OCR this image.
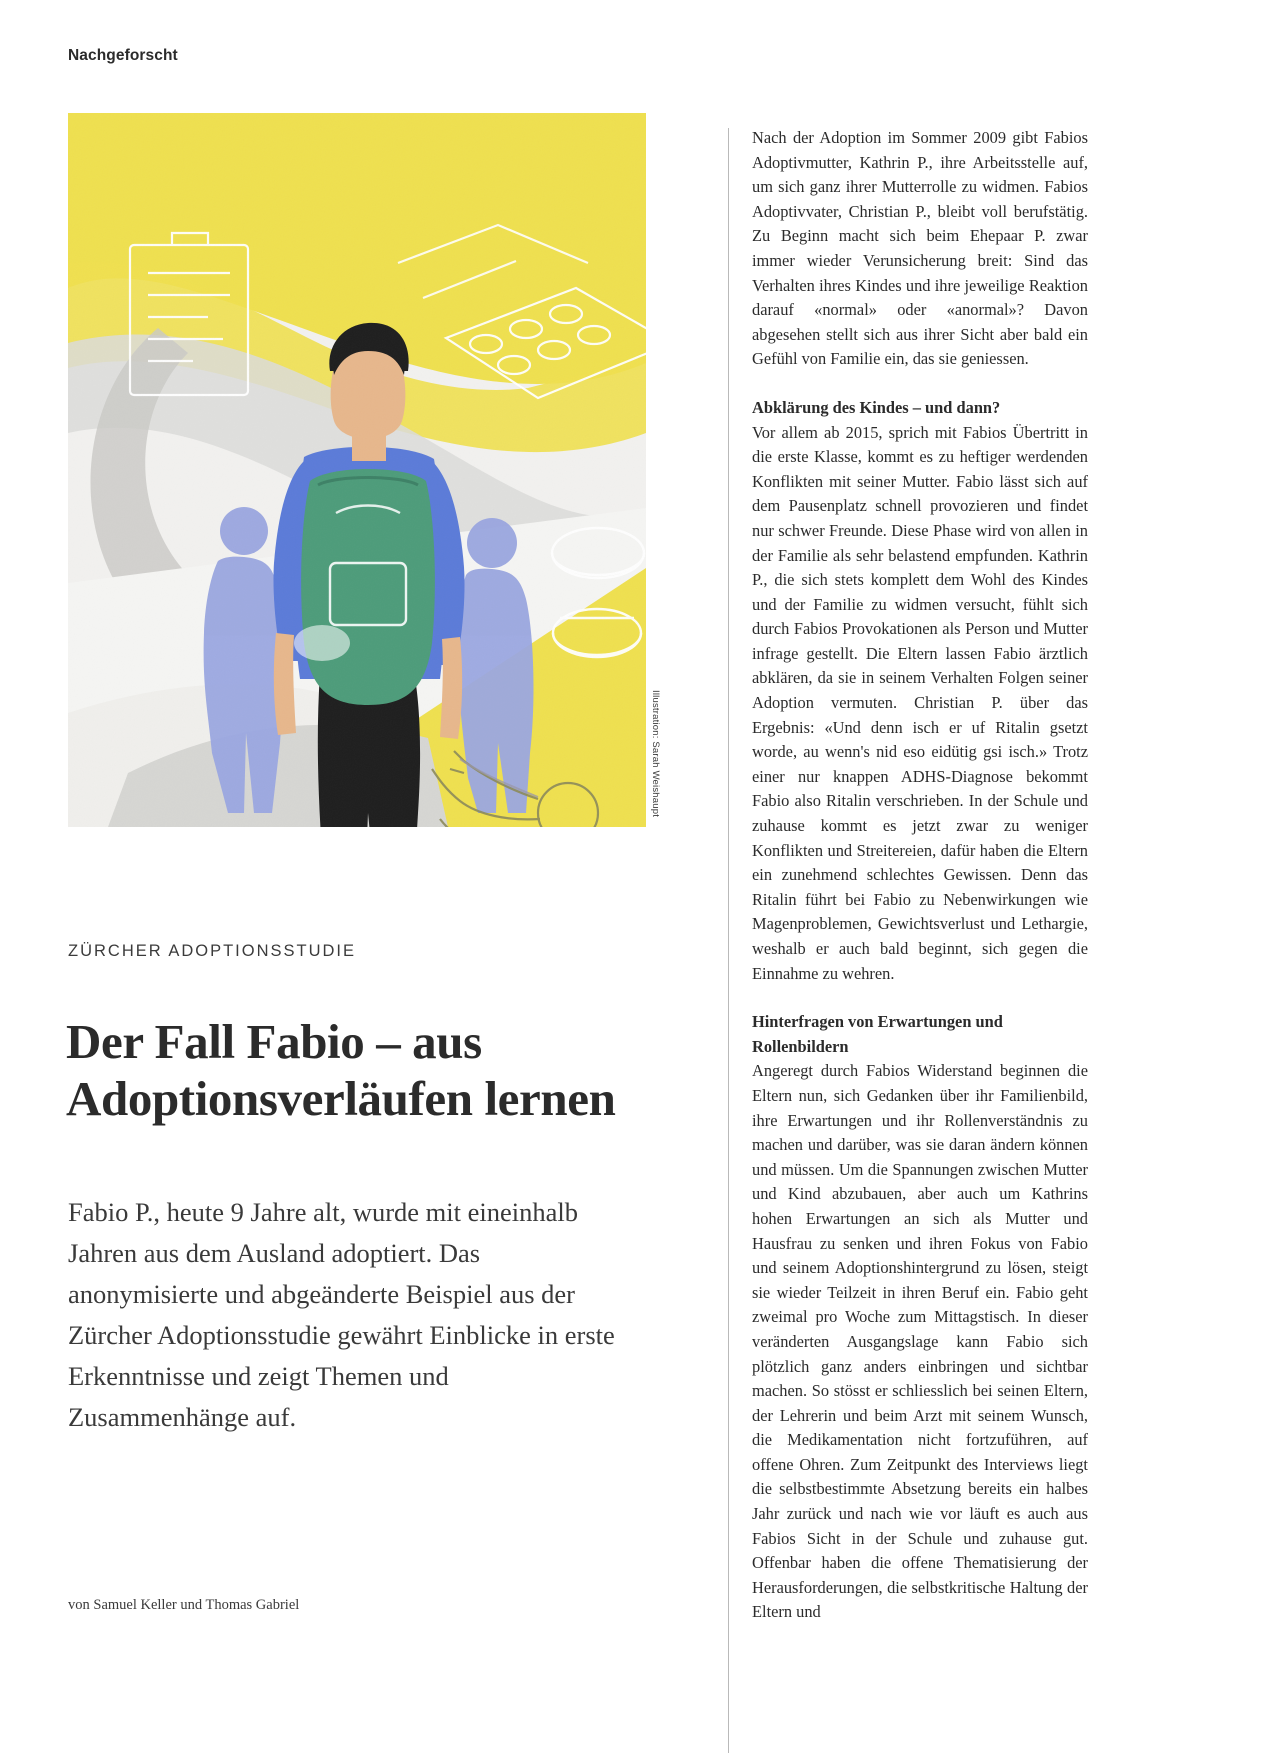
Nachgeforscht
Illustration: Sarah Weishaupt
ZÜRCHER ADOPTIONSSTUDIE
Der Fall Fabio – aus Adoptionsverläufen lernen
Fabio P., heute 9 Jahre alt, wurde mit eineinhalb Jahren aus dem Ausland adoptiert. Das anonymisierte und abgeänderte Beispiel aus der Zürcher Adoptionsstudie gewährt Einblicke in erste Erkenntnisse und zeigt Themen und Zusammenhänge auf.
von Samuel Keller und Thomas Gabriel

Nach der Adoption im Sommer 2009 gibt Fabios Adoptivmutter, Kathrin P., ihre Arbeitsstelle auf, um sich ganz ihrer Mutterrolle zu widmen. Fabios Adoptivvater, Christian P., bleibt voll berufstätig. Zu Beginn macht sich beim Ehepaar P. zwar immer wieder Verunsicherung breit: Sind das Verhalten ihres Kindes und ihre jeweilige Reaktion darauf «normal» oder «anormal»? Davon abgesehen stellt sich aus ihrer Sicht aber bald ein Gefühl von Familie ein, das sie geniessen.

Abklärung des Kindes – und dann?

Vor allem ab 2015, sprich mit Fabios Übertritt in die erste Klasse, kommt es zu heftiger werdenden Konflikten mit seiner Mutter. Fabio lässt sich auf dem Pausenplatz schnell provozieren und findet nur schwer Freunde. Diese Phase wird von allen in der Familie als sehr belastend empfunden. Kathrin P., die sich stets komplett dem Wohl des Kindes und der Familie zu widmen versucht, fühlt sich durch Fabios Provokationen als Person und Mutter infrage gestellt. Die Eltern lassen Fabio ärztlich abklären, da sie in seinem Verhalten Folgen seiner Adoption vermuten. Christian P. über das Ergebnis: «Und denn isch er uf Ritalin gsetzt worde, au wenn's nid eso eidütig gsi isch.» Trotz einer nur knappen ADHS-Diagnose bekommt Fabio also Ritalin verschrieben. In der Schule und zuhause kommt es jetzt zwar zu weniger Konflikten und Streitereien, dafür haben die Eltern ein zunehmend schlechtes Gewissen. Denn das Ritalin führt bei Fabio zu Nebenwirkungen wie Magenproblemen, Gewichtsverlust und Lethargie, weshalb er auch bald beginnt, sich gegen die Einnahme zu wehren.

Hinterfragen von Erwartungen und Rollenbildern

Angeregt durch Fabios Widerstand beginnen die Eltern nun, sich Gedanken über ihr Familienbild, ihre Erwartungen und ihr Rollenverständnis zu machen und darüber, was sie daran ändern können und müssen. Um die Spannungen zwischen Mutter und Kind abzubauen, aber auch um Kathrins hohen Erwartungen an sich als Mutter und Hausfrau zu senken und ihren Fokus von Fabio und seinem Adoptionshintergrund zu lösen, steigt sie wieder Teilzeit in ihren Beruf ein. Fabio geht zweimal pro Woche zum Mittagstisch. In dieser veränderten Ausgangslage kann Fabio sich plötzlich ganz anders einbringen und sichtbar machen. So stösst er schliesslich bei seinen Eltern, der Lehrerin und beim Arzt mit seinem Wunsch, die Medikamentation nicht fortzuführen, auf offene Ohren. Zum Zeitpunkt des Interviews liegt die selbstbestimmte Absetzung bereits ein halbes Jahr zurück und nach wie vor läuft es auch aus Fabios Sicht in der Schule und zuhause gut. Offenbar haben die offene Thematisierung der Herausforderungen, die selbstkritische Haltung der Eltern und
